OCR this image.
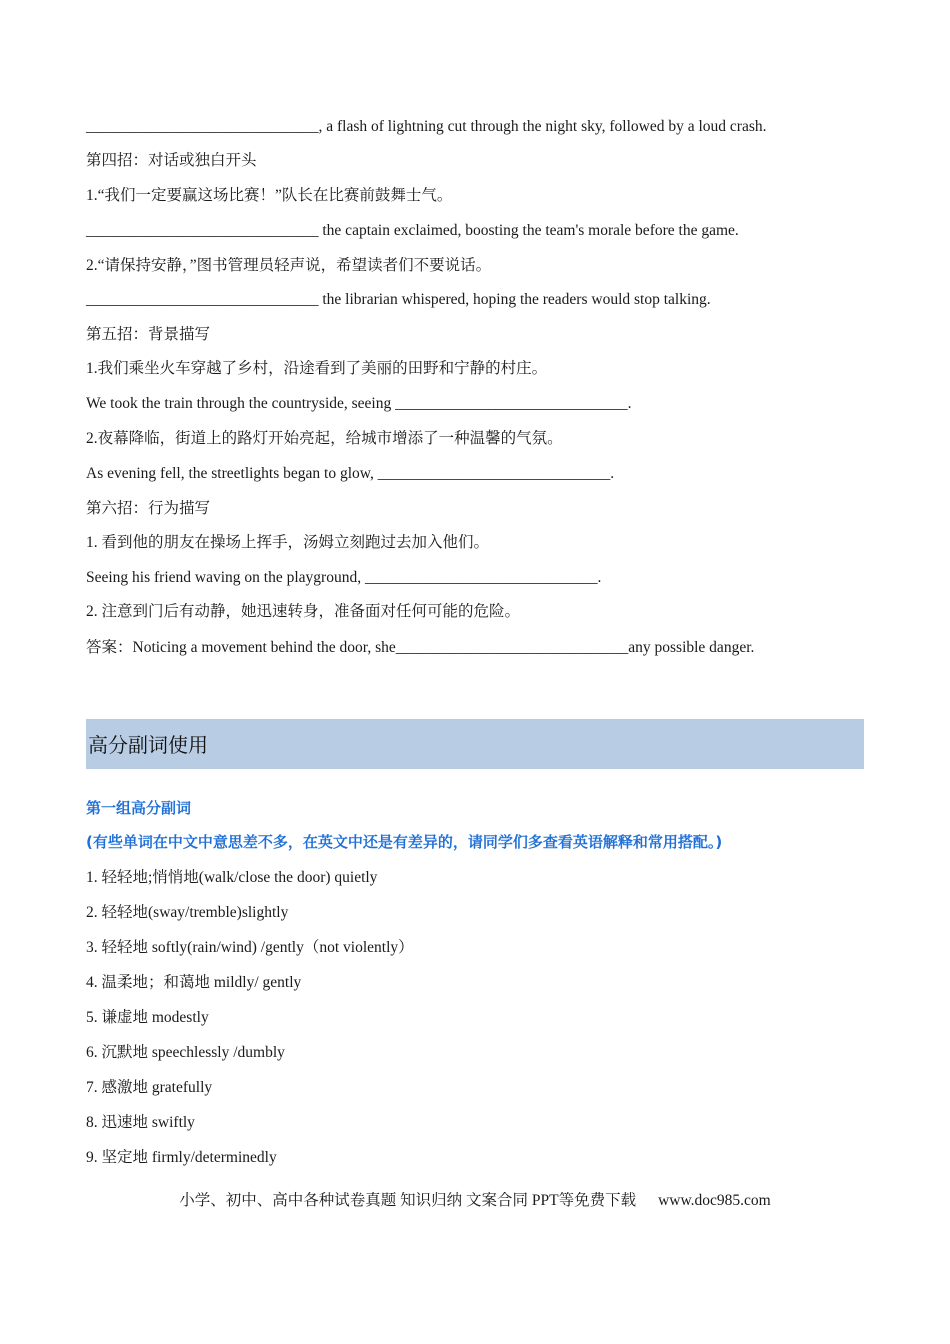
______________________________, a flash of lightning cut through the night sky, followed by a loud crash.
第四招：对话或独白开头
1.“我们一定要赢这场比赛！”队长在比赛前鼓舞士气。
______________________________ the captain exclaimed, boosting the team's morale before the game.
2.“请保持安静，”图书管理员轻声说，希望读者们不要说话。
______________________________ the librarian whispered, hoping the readers would stop talking.
第五招：背景描写
1.我们乘坐火车穿越了乡村，沿途看到了美丽的田野和宁静的村庄。
We took the train through the countryside, seeing ______________________________.
2.夜幕降临，街道上的路灯开始亮起，给城市增添了一种温馨的气氛。
As evening fell, the streetlights began to glow, ______________________________.
第六招：行为描写
1. 看到他的朋友在操场上挥手，汤姆立刻跑过去加入他们。
Seeing his friend waving on the playground, ______________________________.
2. 注意到门后有动静，她迅速转身，准备面对任何可能的危险。
答案：Noticing a movement behind the door, she______________________________any possible danger.
高分副词使用
第一组高分副词
(有些单词在中文中意思差不多，在英文中还是有差异的，请同学们多查看英语解释和常用搭配。)
1. 轻轻地;悄悄地(walk/close the door) quietly
2. 轻轻地(sway/tremble)slightly
3. 轻轻地 softly(rain/wind) /gently（not violently）
4. 温柔地；和蔼地 mildly/ gently
5. 谦虚地 modestly
6. 沉默地 speechlessly /dumbly
7. 感激地 gratefully
8. 迅速地 swiftly
9. 坚定地 firmly/determinedly
小学、初中、高中各种试卷真题 知识归纳 文案合同 PPT等免费下载 www.doc985.com
